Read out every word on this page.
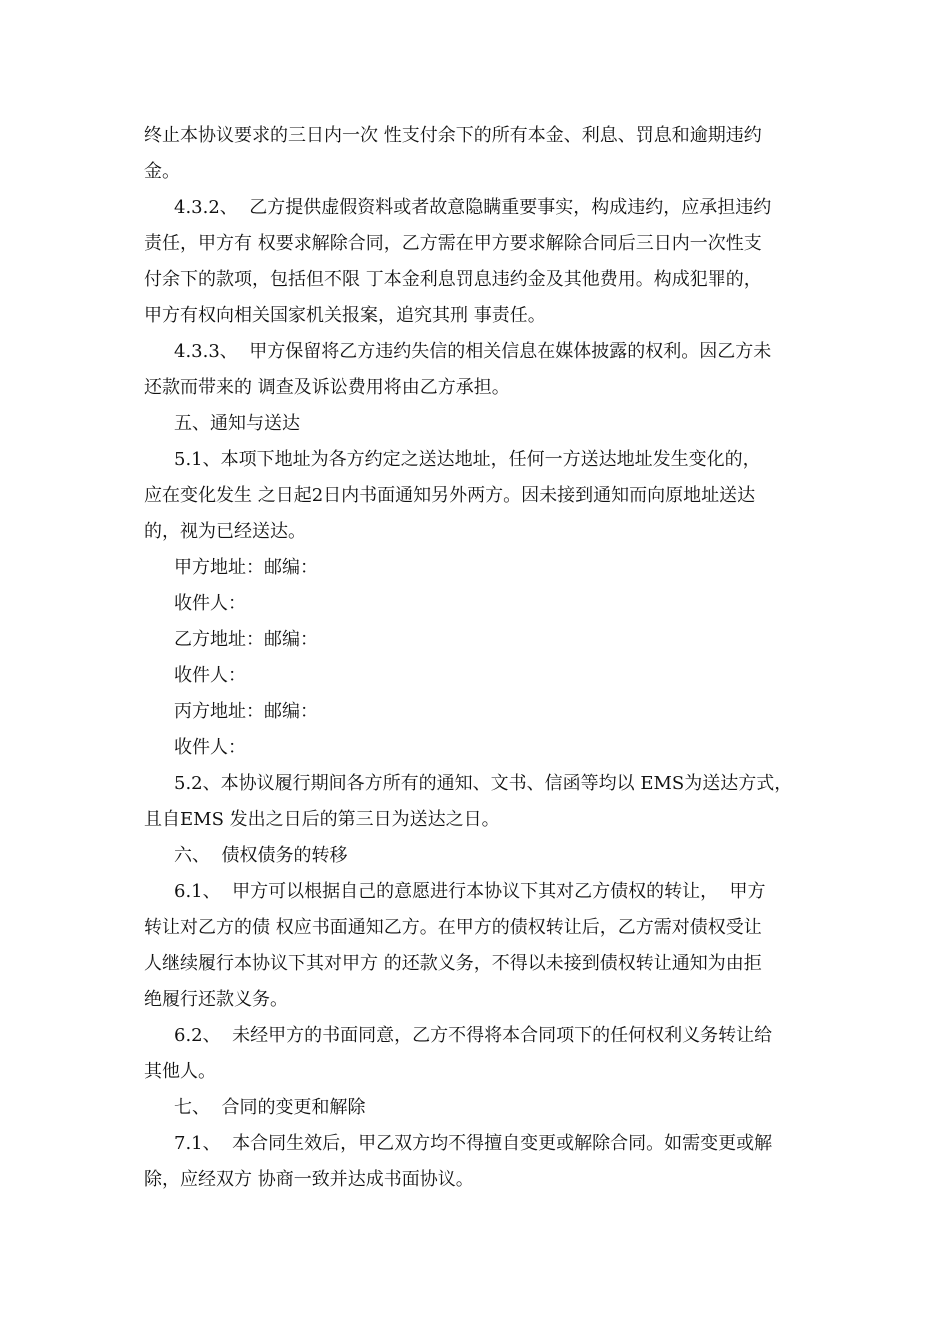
终止本协议要求的三日内一次 性支付余下的所有本金、利息、罚息和逾期违约
金。
4.3.2、  乙方提供虚假资料或者故意隐瞒重要事实，构成违约，应承担违约
责任，甲方有 权要求解除合同，乙方需在甲方要求解除合同后三日内一次性支
付余下的款项，包括但不限 丁本金利息罚息违约金及其他费用。构成犯罪的，
甲方有权向相关国家机关报案，追究其刑 事责任。
4.3.3、  甲方保留将乙方违约失信的相关信息在媒体披露的权利。因乙方未
还款而带来的 调查及诉讼费用将由乙方承担。
五、通知与送达
5.1、本项下地址为各方约定之送达地址，任何一方送达地址发生变化的，
应在变化发生 之日起2日内书面通知另外两方。因未接到通知而向原地址送达
的，视为已经送达。
甲方地址：邮编：
收件人：
乙方地址：邮编：
收件人：
丙方地址：邮编：
收件人：
5.2、本协议履行期间各方所有的通知、文书、信函等均以 EMS为送达方式，
且自EMS 发出之日后的第三日为送达之日。
六、  债权债务的转移
6.1、  甲方可以根据自己的意愿进行本协议下其对乙方债权的转让，  甲方
转让对乙方的债 权应书面通知乙方。在甲方的债权转让后，乙方需对债权受让
人继续履行本协议下其对甲方 的还款义务，不得以未接到债权转让通知为由拒
绝履行还款义务。
6.2、  未经甲方的书面同意，乙方不得将本合同项下的任何权利义务转让给
其他人。
七、  合同的变更和解除
7.1、  本合同生效后，甲乙双方均不得擅自变更或解除合同。如需变更或解
除，应经双方 协商一致并达成书面协议。
